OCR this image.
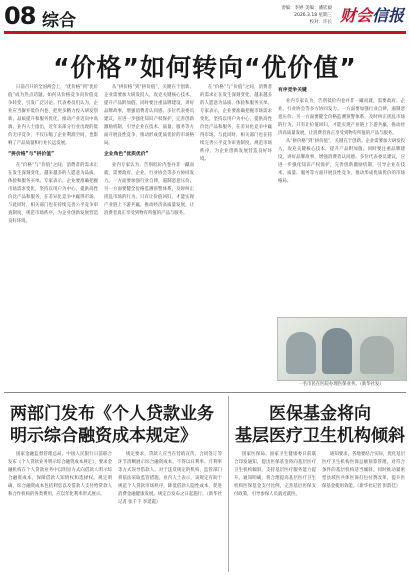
08 综合
责编：李婷 美编：潘钦毅
2026.3.18 星期三
校对：许长 财会信报
“价格”如何转向“优价值”

日前召开的全国两会上，“优价格”到“优价值”成为热点话题。如何从价格竞争向价值竞争转变，引发广泛讨论。代表委员们认为，企业应当摒弃低价内卷，把更多精力投入研发创新、品质提升和服务优化，推动产业迈向中高端。业内人士指出，近年来部分行业出现的低价无序竞争，不仅压缩了企业利润空间，也影响了产品质量和行业长远发展。

“拼价格”与“拼价值”

在“价格”与“价值”之间，消费者的需求正在发生深刻变化，越来越多的人愿意为品质、体验和服务买单。专家表示，企业要准确把握市场需求变化，坚持以用户为中心，提供高性价比产品和服务，在差异化竞争中赢得市场。与此同时，相关部门也在持续完善公平竞争审查制度，规范市场秩序，为企业创新发展营造良好环境。

从“拼价格”到“拼价值”，关键在于创新。企业需要加大研发投入，攻克关键核心技术，提升产品附加值。同时要注重品牌建设，讲好品牌故事，增强消费者认同感。多位代表委员建议，应进一步强化知识产权保护，完善创新激励机制，引导企业在技术、质量、服务等方面开展良性竞争，推动形成优质优价的市场格局。

企业角色“优质优价”

业内专家认为，告别低价内卷并非一蹴而就，需要政府、企业、行业协会等多方协同发力。一方面要加强行业自律，遏制恶意压价；另一方面要健全价格监测预警体系，及时纠正扰乱市场的行为。只有让价值回归，才能实现产业链上下游共赢，推动经济高质量发展，让消费者真正享受到物有所值的产品与服务。

在“价格”与“价值”之间，消费者的需求正在发生深刻变化，越来越多的人愿意为品质、体验和服务买单。专家表示，企业要准确把握市场需求变化，坚持以用户为中心，提供高性价比产品和服务，在差异化竞争中赢得市场。与此同时，相关部门也在持续完善公平竞争审查制度，规范市场秩序，为企业创新发展营造良好环境。

有序竞争关键

业内专家认为，告别低价内卷并非一蹴而就，需要政府、企业、行业协会等多方协同发力。一方面要加强行业自律，遏制恶意压价；另一方面要健全价格监测预警体系，及时纠正扰乱市场的行为。只有让价值回归，才能实现产业链上下游共赢，推动经济高质量发展，让消费者真正享受到物有所值的产品与服务。

从“拼价格”到“拼价值”，关键在于创新。企业需要加大研发投入，攻克关键核心技术，提升产品附加值。同时要注重品牌建设，讲好品牌故事，增强消费者认同感。多位代表委员建议，应进一步强化知识产权保护，完善创新激励机制，引导企业在技术、质量、服务等方面开展良性竞争，推动形成优质优价的市场格局。

一名市民在医院办理医保业务。（新华社发）
两部门发布《个人贷款业务
明示综合融资成本规定》

国家金融监督管理总局、中国人民银行日前联合发布《个人贷款业务明示综合融资成本规定》，要求金融机构在个人贷款业务中以明显方式向借款人明示综合融资成本，保障借款人知情权和选择权。规定明确，综合融资成本包括利息以及借款人支付给贷款人和合作机构的各类费用，应以年化利率形式展示。

规定要求，贷款人应当在营销宣传、合同签订等环节清晰展示综合融资成本，不得以日利率、月利率等方式误导借款人。对于违反规定的机构，监管部门将依法采取监管措施。业内人士表示，该规定有助于规范个人贷款市场秩序，降低借款人隐性成本，促进消费金融健康发展。规定自发布之日起施行。（新华社记者 张千千 李延霞）

医保基金将向
基层医疗卫生机构倾斜

国家医保局、国家卫生健康委日前联合印发通知，提出医保基金将向基层医疗卫生机构倾斜，支持基层医疗服务能力提升。通知明确，将合理提高基层医疗卫生机构医保基金支付比例，完善基层医保支付政策，引导参保人员就近就医。

通知要求，各地要结合实际，优化基层医疗卫生机构医保总额预算管理，对符合条件的基层机构适当倾斜。同时推动紧密型县域医共体医保打包付费改革，提升医保基金使用效能。（新华社记者 彭韵佳）
